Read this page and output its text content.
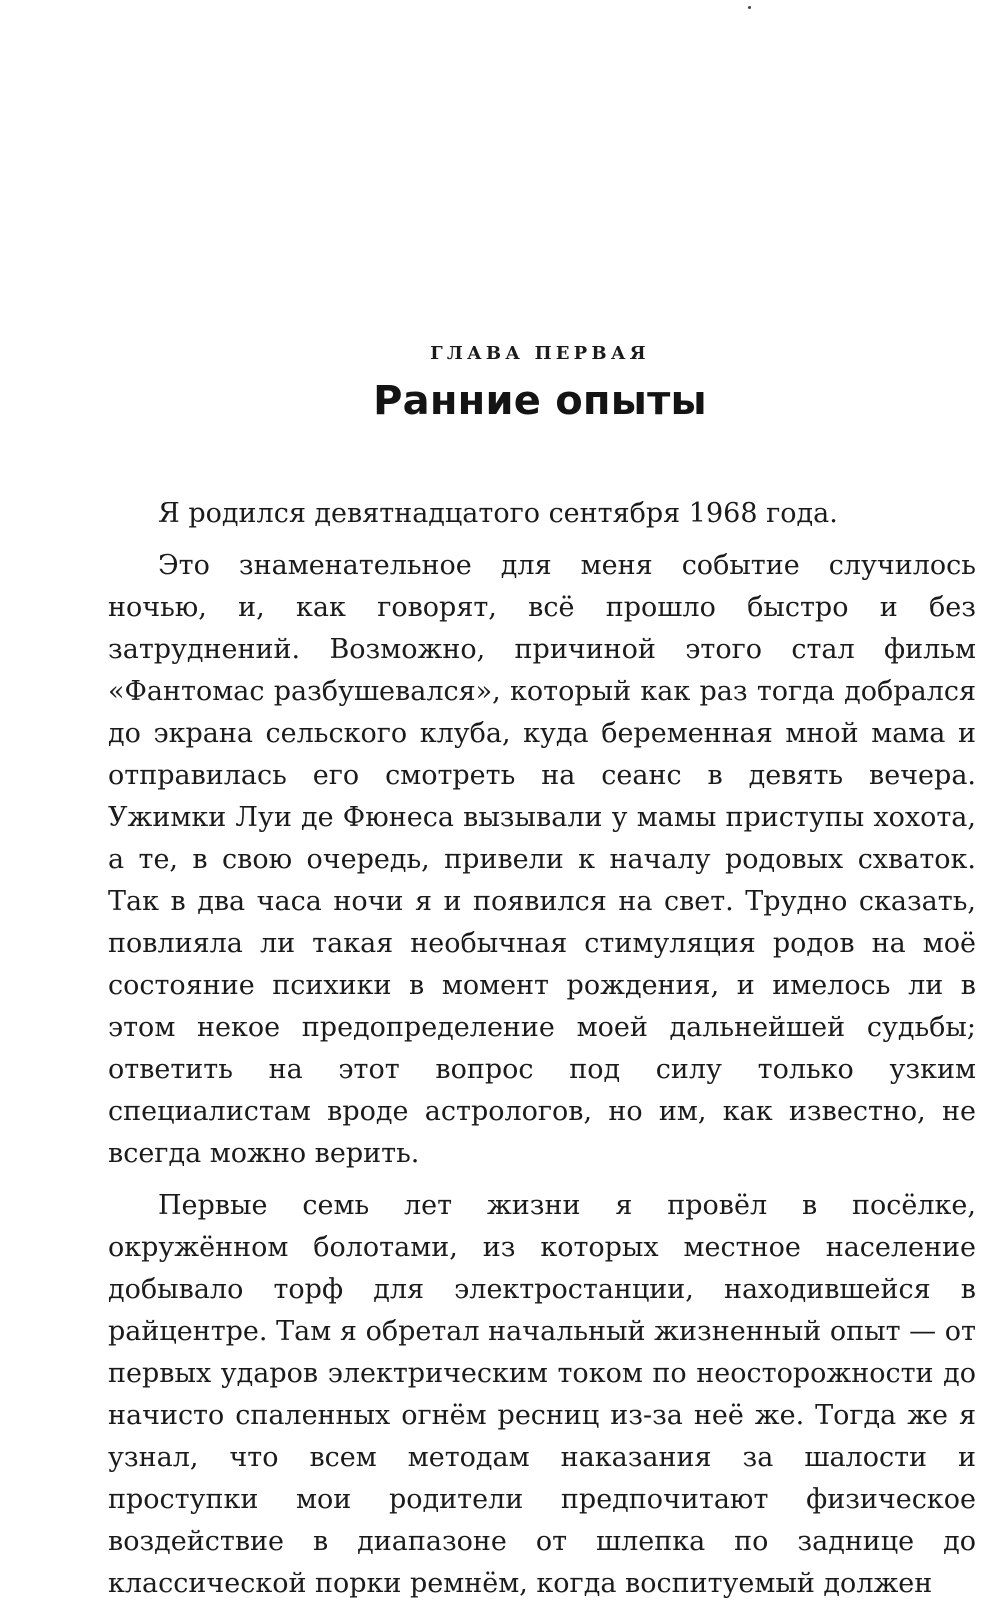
ГЛАВА ПЕРВАЯ
Ранние опыты

Я родился девятнадцатого сентября 1968 года.

Это знаменательное для меня событие случилось ночью, и, как говорят, всё прошло быстро и без затруднений. Возможно, причиной этого стал фильм «Фантомас разбушевался», который как раз тогда добрался до экрана сельского клуба, куда беременная мной мама и отправилась его смотреть на сеанс в девять вечера. Ужимки Луи де Фюнеса вызывали у мамы приступы хохота, а те, в свою очередь, привели к началу родовых схваток. Так в два часа ночи я и появился на свет. Трудно сказать, повлияла ли такая необычная стимуляция родов на моё состояние психики в момент рождения, и имелось ли в этом некое предопределение моей дальнейшей судьбы; ответить на этот вопрос под силу только узким специалистам вроде астрологов, но им, как известно, не всегда можно верить.

Первые семь лет жизни я провёл в посёлке, окружённом болотами, из которых местное население добывало торф для электростанции, находившейся в райцентре. Там я обретал начальный жизненный опыт — от первых ударов электрическим током по неосторожности до начисто спаленных огнём ресниц из-за неё же. Тогда же я узнал, что всем методам наказания за шалости и проступки мои родители предпочитают физическое воздействие в диапазоне от шлепка по заднице до классической порки ремнём, когда воспитуемый должен
